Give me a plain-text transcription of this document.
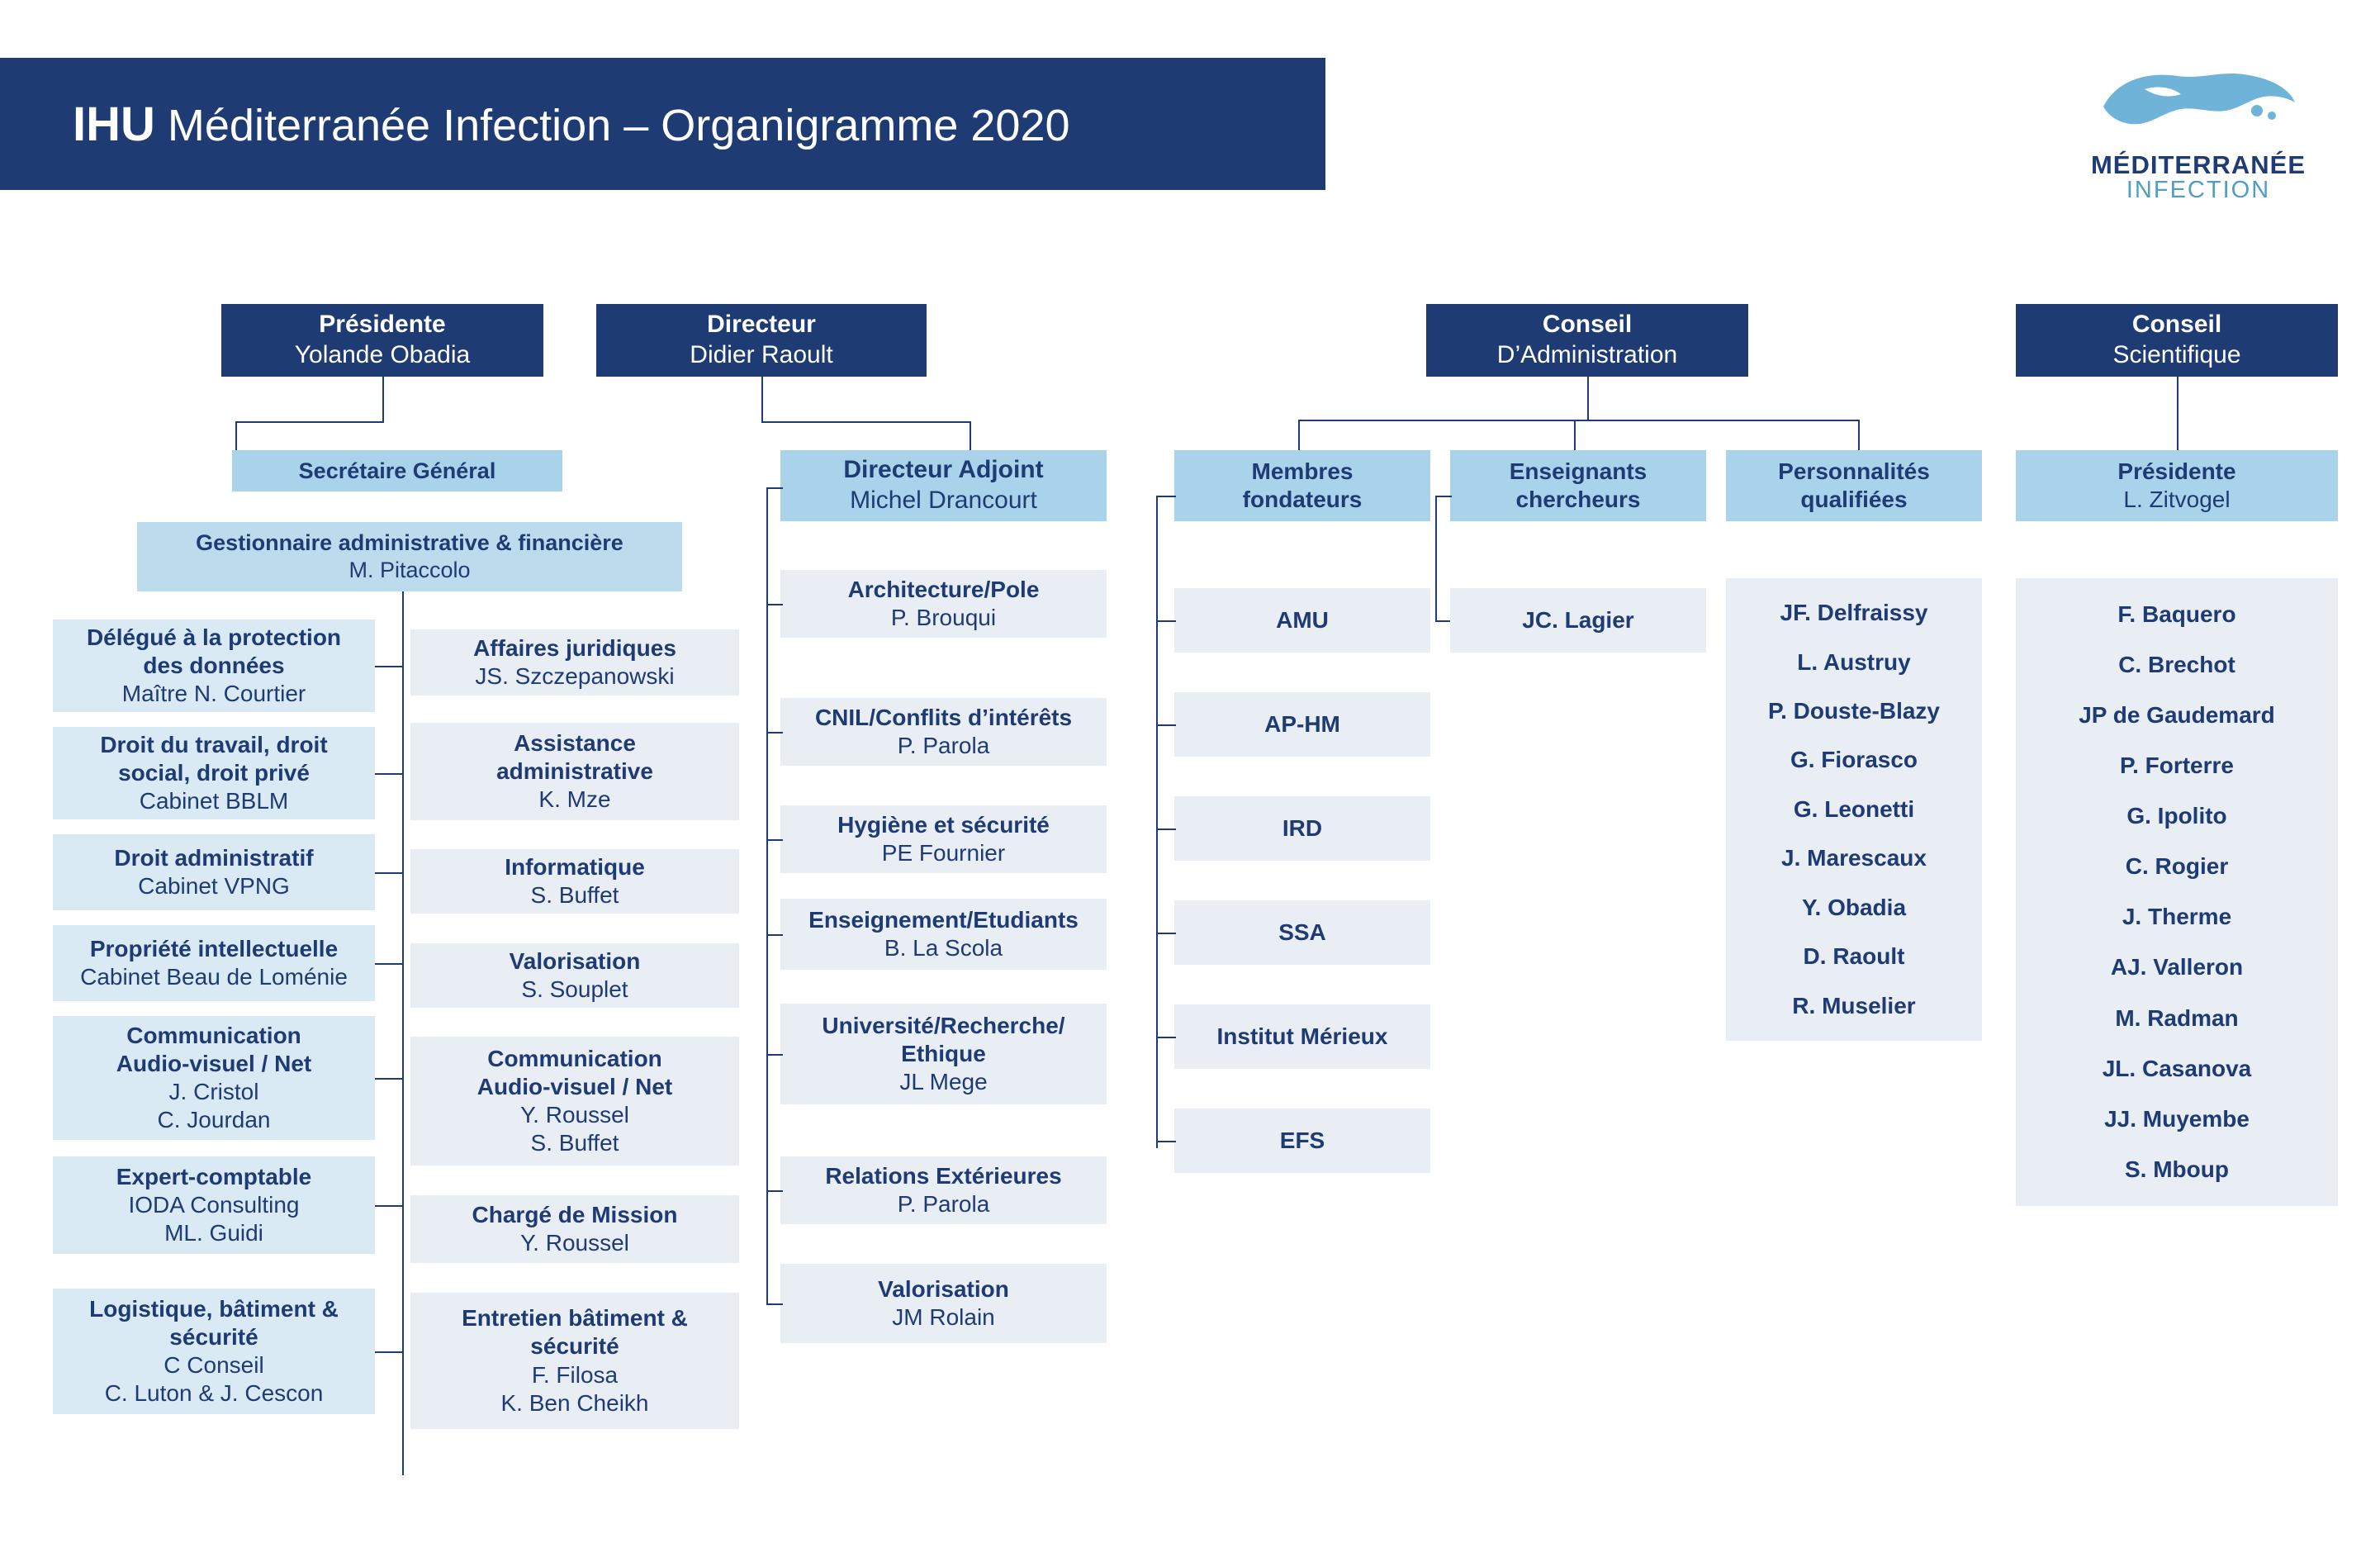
IHU Méditerranée Infection – Organigramme 2020
MÉDITERRANÉE
INFECTION
Présidente
Yolande Obadia
Directeur
Didier Raoult
Conseil
D’Administration
Conseil
Scientifique
Secrétaire Général
Gestionnaire administrative & financière
M. Pitaccolo
Délégué à la protection
des données
Maître N. Courtier
Droit du travail, droit
social, droit privé
Cabinet BBLM
Droit administratif
Cabinet VPNG
Propriété intellectuelle
Cabinet Beau de Loménie
Communication
Audio-visuel / Net
J. Cristol
C. Jourdan
Expert-comptable
IODA Consulting
ML. Guidi
Logistique, bâtiment &
sécurité
C Conseil
C. Luton & J. Cescon
Affaires juridiques
JS. Szczepanowski
Assistance
administrative
K. Mze
Informatique
S. Buffet
Valorisation
S. Souplet
Communication
Audio-visuel / Net
Y. Roussel
S. Buffet
Chargé de Mission
Y. Roussel
Entretien bâtiment &
sécurité
F. Filosa
K. Ben Cheikh
Directeur Adjoint
Michel Drancourt
Architecture/Pole
P. Brouqui
CNIL/Conflits d’intérêts
P. Parola
Hygiène et sécurité
PE Fournier
Enseignement/Etudiants
B. La Scola
Université/Recherche/
Ethique
JL Mege
Relations Extérieures
P. Parola
Valorisation
JM Rolain
Membres
fondateurs
Enseignants
chercheurs
Personnalités
qualifiées
AMU
AP-HM
IRD
SSA
Institut Mérieux
EFS
JC. Lagier	JF. Delfraissy
L. Austruy
P. Douste-Blazy
G. Fiorasco
G. Leonetti
J. Marescaux
Y. Obadia
D. Raoult
R. Muselier
Présidente
L. Zitvogel
F. Baquero
C. Brechot
JP de Gaudemard
P. Forterre
G. Ipolito
C. Rogier
J. Therme
AJ. Valleron
M. Radman
JL. Casanova
JJ. Muyembe
S. Mboup
